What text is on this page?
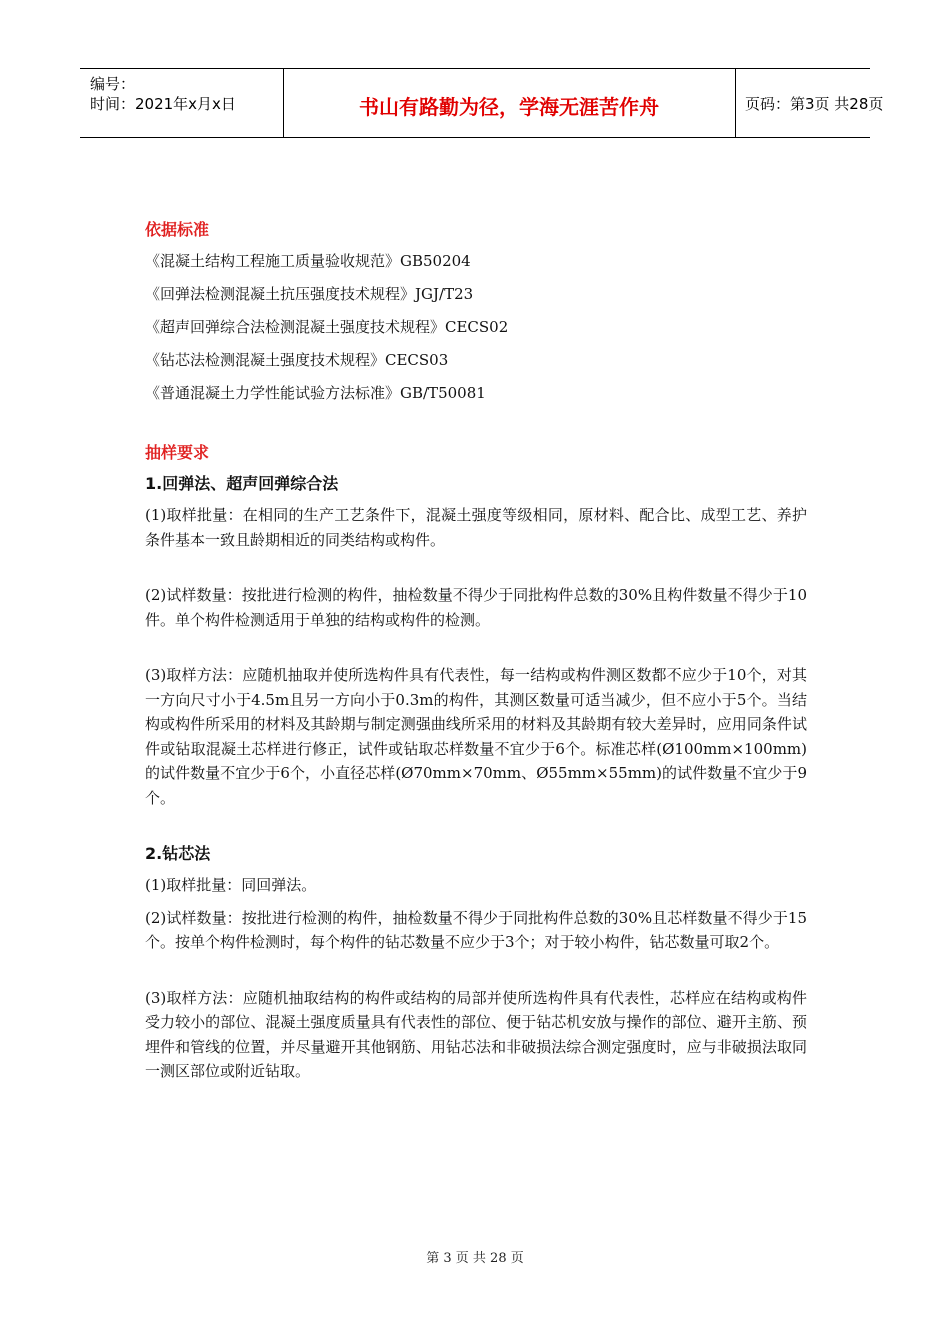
编号：
时间：2021年x月x日	书山有路勤为径，学海无涯苦作舟	页码：第3页 共28页
依据标准

《混凝土结构工程施工质量验收规范》GB50204

《回弹法检测混凝土抗压强度技术规程》JGJ/T23

《超声回弹综合法检测混凝土强度技术规程》CECS02

《钻芯法检测混凝土强度技术规程》CECS03

《普通混凝土力学性能试验方法标准》GB/T50081

抽样要求
1.回弹法、超声回弹综合法

(1)取样批量：在相同的生产工艺条件下，混凝土强度等级相同，原材料、配合比、成型工艺、养护条件基本一致且龄期相近的同类结构或构件。

(2)试样数量：按批进行检测的构件，抽检数量不得少于同批构件总数的30%且构件数量不得少于10件。单个构件检测适用于单独的结构或构件的检测。

(3)取样方法：应随机抽取并使所选构件具有代表性，每一结构或构件测区数都不应少于10个，对其一方向尺寸小于4.5m且另一方向小于0.3m的构件，其测区数量可适当减少，但不应小于5个。当结构或构件所采用的材料及其龄期与制定测强曲线所采用的材料及其龄期有较大差异时，应用同条件试件或钻取混凝土芯样进行修正，试件或钻取芯样数量不宜少于6个。标准芯样(Ø100mm×100mm)的试件数量不宜少于6个，小直径芯样(Ø70mm×70mm、Ø55mm×55mm)的试件数量不宜少于9个。

2.钻芯法

(1)取样批量：同回弹法。

(2)试样数量：按批进行检测的构件，抽检数量不得少于同批构件总数的30%且芯样数量不得少于15个。按单个构件检测时，每个构件的钻芯数量不应少于3个；对于较小构件，钻芯数量可取2个。

(3)取样方法：应随机抽取结构的构件或结构的局部并使所选构件具有代表性，芯样应在结构或构件受力较小的部位、混凝土强度质量具有代表性的部位、便于钻芯机安放与操作的部位、避开主筋、预埋件和管线的位置，并尽量避开其他钢筋、用钻芯法和非破损法综合测定强度时，应与非破损法取同一测区部位或附近钻取。

第 3 页 共 28 页
